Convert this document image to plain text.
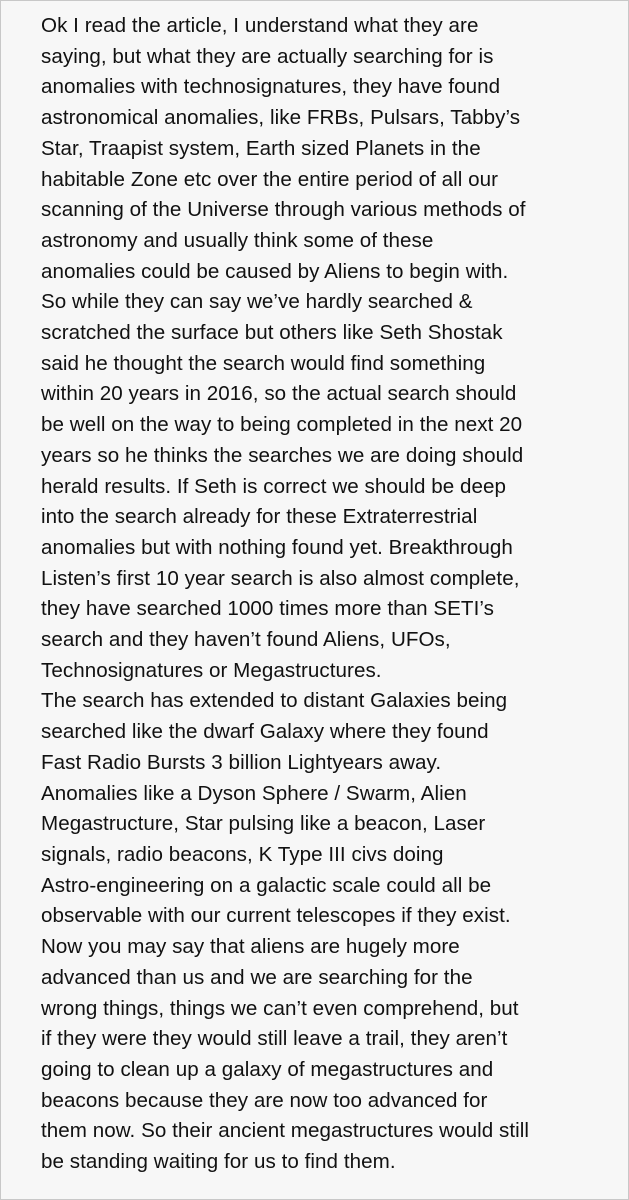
Ok I read the article, I understand what they are
saying, but what they are actually searching for is
anomalies with technosignatures, they have found
astronomical anomalies, like FRBs, Pulsars, Tabby’s
Star, Traapist system, Earth sized Planets in the
habitable Zone etc over the entire period of all our
scanning of the Universe through various methods of
astronomy and usually think some of these
anomalies could be caused by Aliens to begin with.
So while they can say we’ve hardly searched &
scratched the surface but others like Seth Shostak
said he thought the search would find something
within 20 years in 2016, so the actual search should
be well on the way to being completed in the next 20
years so he thinks the searches we are doing should
herald results. If Seth is correct we should be deep
into the search already for these Extraterrestrial
anomalies but with nothing found yet. Breakthrough
Listen’s first 10 year search is also almost complete,
they have searched 1000 times more than SETI’s
search and they haven’t found Aliens, UFOs,
Technosignatures or Megastructures.
The search has extended to distant Galaxies being
searched like the dwarf Galaxy where they found
Fast Radio Bursts 3 billion Lightyears away.
Anomalies like a Dyson Sphere / Swarm, Alien
Megastructure, Star pulsing like a beacon, Laser
signals, radio beacons, K Type III civs doing
Astro-engineering on a galactic scale could all be
observable with our current telescopes if they exist.
Now you may say that aliens are hugely more
advanced than us and we are searching for the
wrong things, things we can’t even comprehend, but
if they were they would still leave a trail, they aren’t
going to clean up a galaxy of megastructures and
beacons because they are now too advanced for
them now. So their ancient megastructures would still
be standing waiting for us to find them.
